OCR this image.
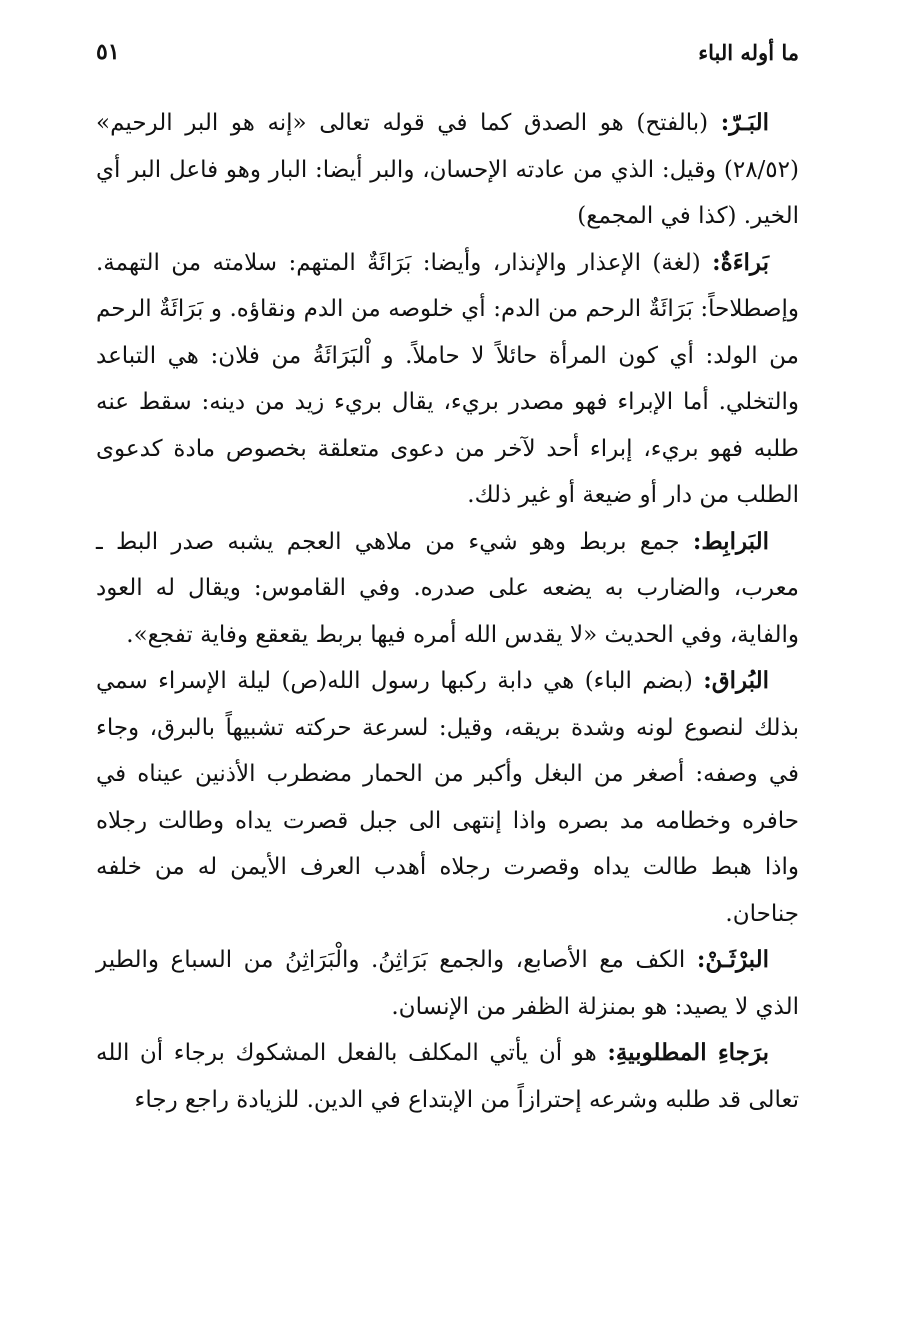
ما أوله الباء
٥١

البَـرّ: (بالفتح) هو الصدق كما في قوله تعالى «إنه هو البر الرحيم» (٢٨/٥٢) وقيل: الذي من عادته الإحسان، والبر أيضا: البار وهو فاعل البر أي الخير. (كذا في المجمع)

بَراءَةٌ: (لغة) الإعذار والإنذار، وأيضا: بَرَائَةٌ المتهم: سلامته من التهمة. وإصطلاحاً: بَرَائَةٌ الرحم من الدم: أي خلوصه من الدم ونقاؤه. و بَرَائَةٌ الرحم من الولد: أي كون المرأة حائلاً لا حاملاً. و اْلبَرَائَةُ من فلان: هي التباعد والتخلي. أما الإبراء فهو مصدر بريء، يقال بريء زيد من دينه: سقط عنه طلبه فهو بريء، إبراء أحد لآخر من دعوى متعلقة بخصوص مادة كدعوى الطلب من دار أو ضيعة أو غير ذلك.

البَرابِط: جمع بربط وهو شيء من ملاهي العجم يشبه صدر البط ـ معرب، والضارب به يضعه على صدره. وفي القاموس: ويقال له العود والفاية، وفي الحديث «لا يقدس الله أمره فيها بربط يقعقع وفاية تفجع».

البُراق: (بضم الباء) هي دابة ركبها رسول الله(ص) ليلة الإسراء سمي بذلك لنصوع لونه وشدة بريقه، وقيل: لسرعة حركته تشبيهاً بالبرق، وجاء في وصفه: أصغر من البغل وأكبر من الحمار مضطرب الأذنين عيناه في حافره وخطامه مد بصره واذا إنتهى الى جبل قصرت يداه وطالت رجلاه واذا هبط طالت يداه وقصرت رجلاه أهدب العرف الأيمن له من خلفه جناحان.

البرْثَـنْ: الكف مع الأصابع، والجمع بَرَاثِنُ. والْبَرَاثِنُ من السباع والطير الذي لا يصيد: هو بمنزلة الظفر من الإنسان.

برَجاءِ المطلوبيةِ: هو أن يأتي المكلف بالفعل المشكوك برجاء أن الله تعالى قد طلبه وشرعه إحترازاً من الإبتداع في الدين. للزيادة راجع رجاء
